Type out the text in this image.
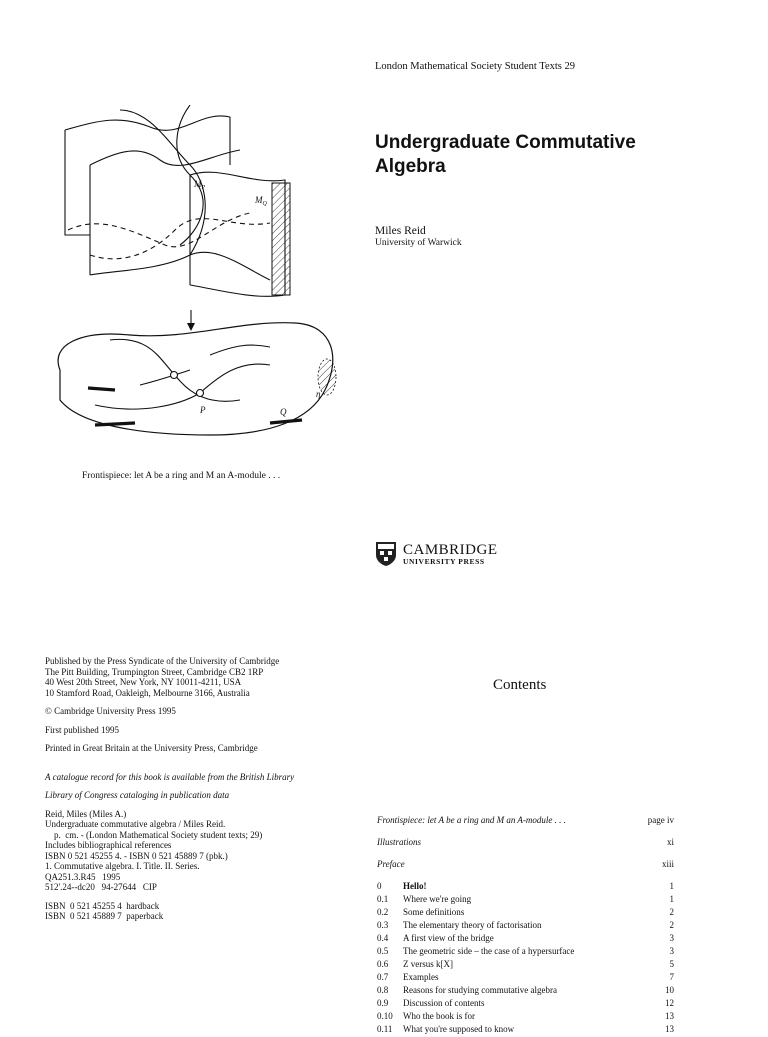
London Mathematical Society Student Texts 29
Undergraduate Commutative
Algebra
Miles Reid
University of Warwick
$M_P$
$M_Q$
P	Q
η
Frontispiece: let A be a ring and M an A-module . . .
CAMBRIDGE
UNIVERSITY PRESS
Published by the Press Syndicate of the University of Cambridge
The Pitt Building, Trumpington Street, Cambridge CB2 1RP
40 West 20th Street, New York, NY 10011-4211, USA
10 Stamford Road, Oakleigh, Melbourne 3166, Australia
© Cambridge University Press 1995
First published 1995
Printed in Great Britain at the University Press, Cambridge
A catalogue record for this book is available from the British Library
Library of Congress cataloging in publication data
Reid, Miles (Miles A.)
Undergraduate commutative algebra / Miles Reid.
p.  cm. - (London Mathematical Society student texts; 29)
Includes bibliographical references
ISBN 0 521 45255 4. - ISBN 0 521 45889 7 (pbk.)
1. Commutative algebra. I. Title. II. Series.
QA251.3.R45   1995
512'.24--dc20   94-27644   CIP
ISBN  0 521 45255 4  hardback
ISBN  0 521 45889 7  paperback
Contents
Frontispiece: let A be a ring and M an A-module . . .	page iv
Illustrations	xi
Preface	xiii
0	Hello!	1
0.1	Where we're going	1
0.2	Some definitions	2
0.3	The elementary theory of factorisation	2
0.4	A first view of the bridge	3
0.5	The geometric side – the case of a hypersurface	3
0.6	Z versus k[X]	5
0.7	Examples	7
0.8	Reasons for studying commutative algebra	10
0.9	Discussion of contents	12
0.10	Who the book is for	13
0.11	What you're supposed to know	13
